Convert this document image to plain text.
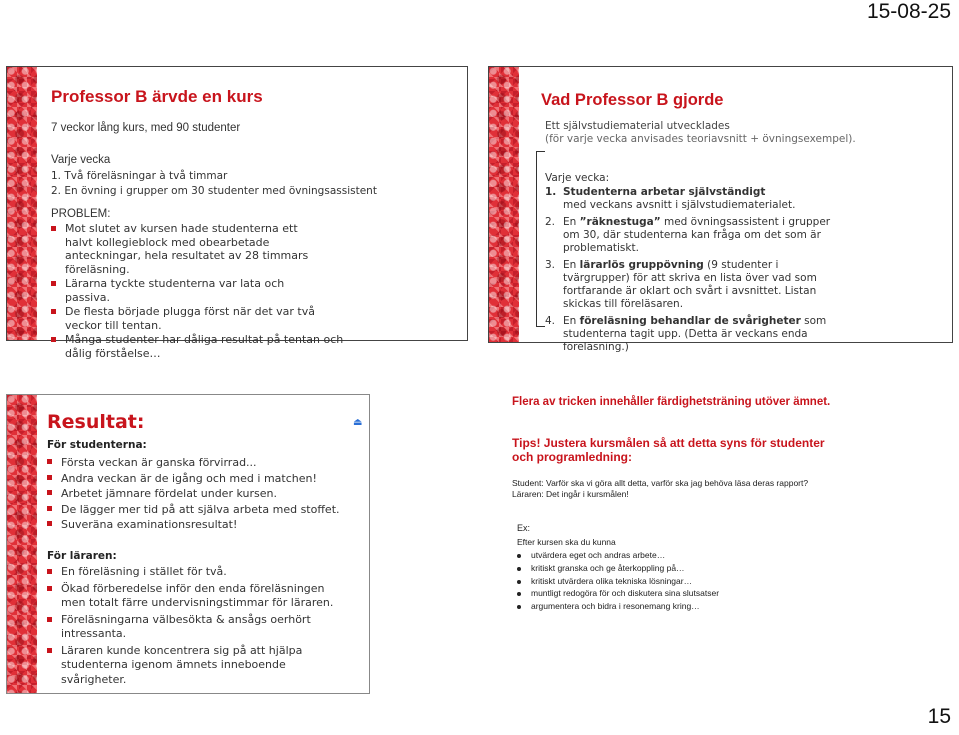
15-08-25
Professor B ärvde en kurs
7 veckor lång kurs, med 90 studenter
Varje vecka
1. Två föreläsningar à två timmar
2. En övning i grupper om 30 studenter med övningsassistent
PROBLEM:
Mot slutet av kursen hade studenterna ett halvt kollegieblock med obearbetade anteckningar, hela resultatet av 28 timmars föreläsning.
Lärarna tyckte studenterna var lata och passiva.
De flesta började plugga först när det var två veckor till tentan.
Många studenter har dåliga resultat på tentan och dålig förståelse…
Vad Professor B gjorde
Ett självstudiematerial utvecklades
(för varje vecka anvisades teoriavsnitt + övningsexempel).
Varje vecka:
1. Studenterna arbetar självständigt
med veckans avsnitt i självstudiematerialet.
2. En ”räknestuga” med övningsassistent i grupper om 30, där studenterna kan fråga om det som är problematiskt.
3. En lärarlös gruppövning (9 studenter i tvärgrupper) för att skriva en lista över vad som fortfarande är oklart och svårt i avsnittet. Listan skickas till föreläsaren.
4. En föreläsning behandlar de svårigheter som studenterna tagit upp. (Detta är veckans enda föreläsning.)
Resultat:	⏏
För studenterna:
Första veckan är ganska förvirrad...
Andra veckan är de igång och med i matchen!
Arbetet jämnare fördelat under kursen.
De lägger mer tid på att själva arbeta med stoffet.
Suveräna examinationsresultat!
För läraren:
En föreläsning i stället för två.
Ökad förberedelse inför den enda föreläsningen men totalt färre undervisningstimmar för läraren.
Föreläsningarna välbesökta & ansågs oerhört intressanta.
Läraren kunde koncentrera sig på att hjälpa studenterna igenom ämnets inneboende svårigheter.
Flera av tricken innehåller färdighetsträning utöver ämnet.
Tips! Justera kursmålen så att detta syns för studenter och programledning:
Student: Varför ska vi göra allt detta, varför ska jag behöva läsa deras rapport?
Läraren: Det ingår i kursmålen!
Ex:
Efter kursen ska du kunna
utvärdera eget och andras arbete…
kritiskt granska och ge återkoppling på…
kritiskt utvärdera olika tekniska lösningar…
muntligt redogöra för och diskutera sina slutsatser
argumentera och bidra i resonemang kring…
15
